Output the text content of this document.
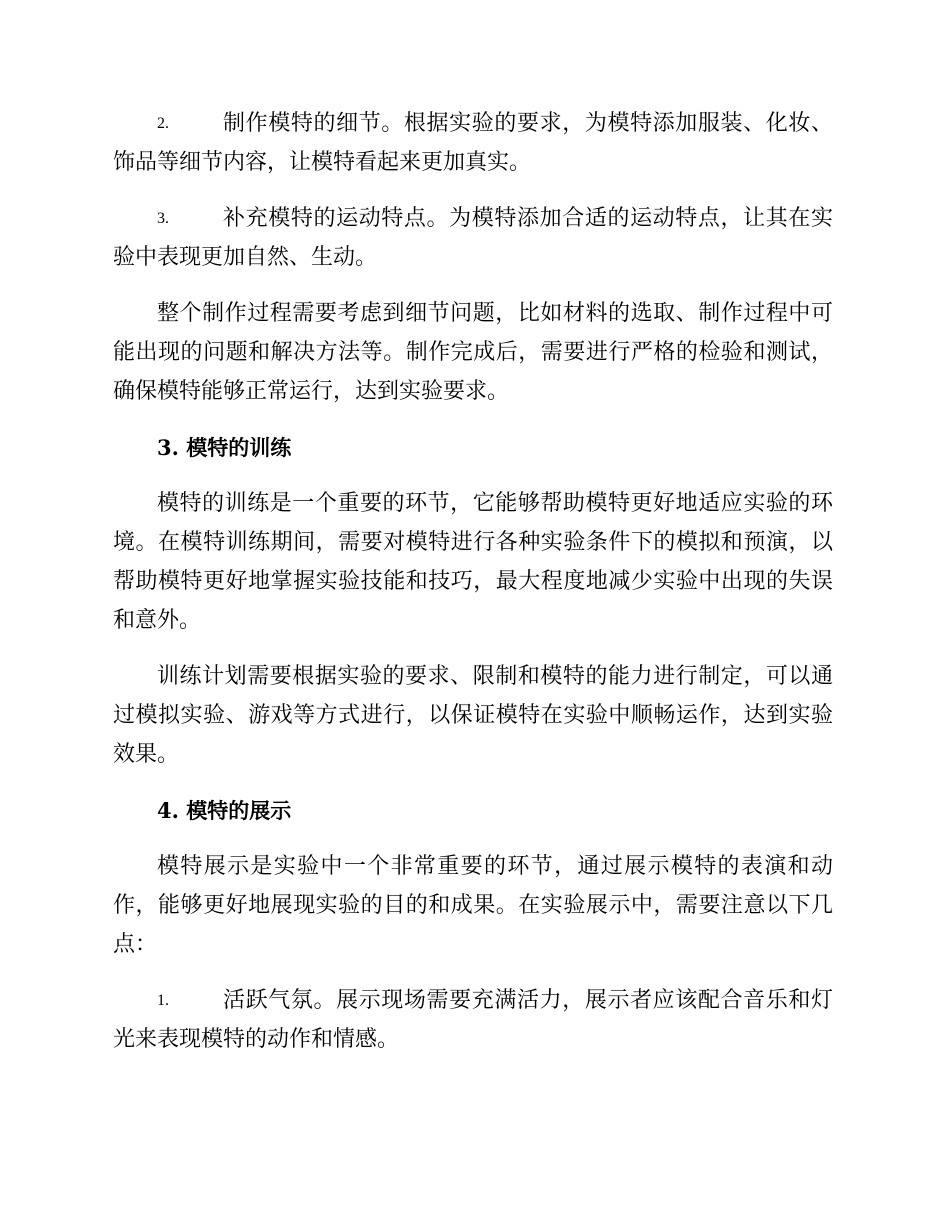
2. 制作模特的细节。根据实验的要求，为模特添加服装、化妆、饰品等细节内容，让模特看起来更加真实。

3. 补充模特的运动特点。为模特添加合适的运动特点，让其在实验中表现更加自然、生动。

整个制作过程需要考虑到细节问题，比如材料的选取、制作过程中可能出现的问题和解决方法等。制作完成后，需要进行严格的检验和测试，确保模特能够正常运行，达到实验要求。

3. 模特的训练

模特的训练是一个重要的环节，它能够帮助模特更好地适应实验的环境。在模特训练期间，需要对模特进行各种实验条件下的模拟和预演，以帮助模特更好地掌握实验技能和技巧，最大程度地减少实验中出现的失误和意外。

训练计划需要根据实验的要求、限制和模特的能力进行制定，可以通过模拟实验、游戏等方式进行，以保证模特在实验中顺畅运作，达到实验效果。

4. 模特的展示

模特展示是实验中一个非常重要的环节，通过展示模特的表演和动作，能够更好地展现实验的目的和成果。在实验展示中，需要注意以下几点：

1. 活跃气氛。展示现场需要充满活力，展示者应该配合音乐和灯光来表现模特的动作和情感。
